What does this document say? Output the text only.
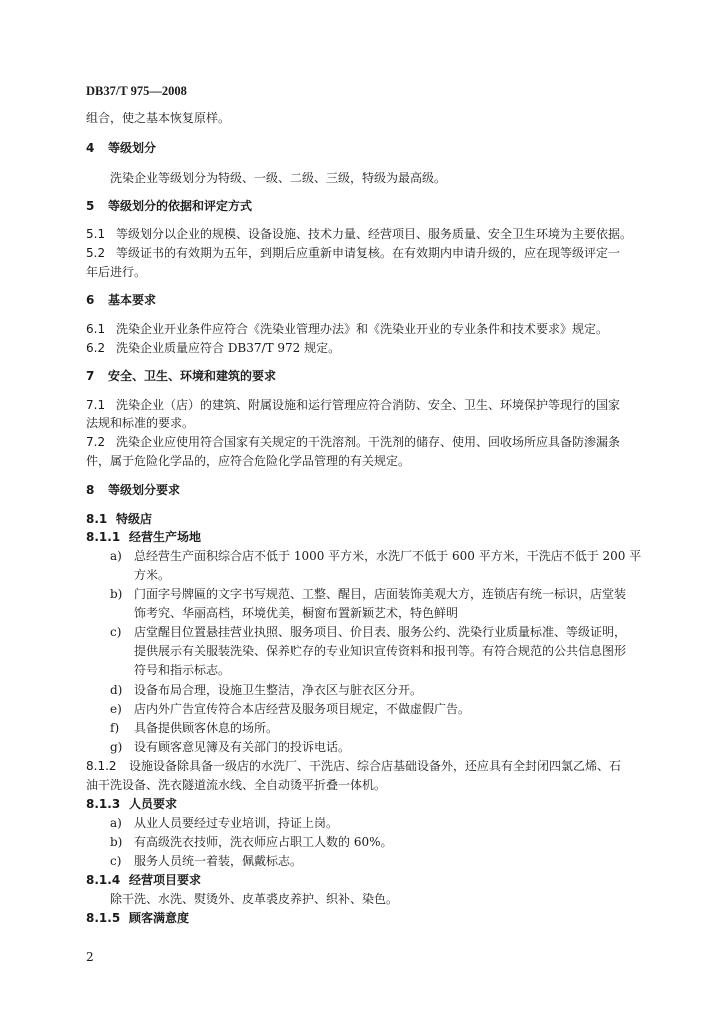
DB37/T 975—2008
组合，使之基本恢复原样。
4 等级划分
洗染企业等级划分为特级、一级、二级、三级，特级为最高级。
5 等级划分的依据和评定方式
5.1 等级划分以企业的规模、设备设施、技术力量、经营项目、服务质量、安全卫生环境为主要依据。
5.2 等级证书的有效期为五年，到期后应重新申请复核。在有效期内申请升级的，应在现等级评定一
年后进行。
6 基本要求
6.1 洗染企业开业条件应符合《洗染业管理办法》和《洗染业开业的专业条件和技术要求》规定。
6.2 洗染企业质量应符合 DB37/T 972 规定。
7 安全、卫生、环境和建筑的要求
7.1 洗染企业（店）的建筑、附属设施和运行管理应符合消防、安全、卫生、环境保护等现行的国家
法规和标准的要求。
7.2 洗染企业应使用符合国家有关规定的干洗溶剂。干洗剂的储存、使用、回收场所应具备防渗漏条
件，属于危险化学品的，应符合危险化学品管理的有关规定。
8 等级划分要求
8.1 特级店
8.1.1 经营生产场地
a) 总经营生产面积综合店不低于 1000 平方米，水洗厂不低于 600 平方米，干洗店不低于 200 平
方米。
b) 门面字号牌匾的文字书写规范、工整、醒目，店面装饰美观大方，连锁店有统一标识，店堂装
饰考究、华丽高档，环境优美，橱窗布置新颖艺术，特色鲜明
c) 店堂醒目位置悬挂营业执照、服务项目、价目表、服务公约、洗染行业质量标准、等级证明，
提供展示有关服装洗染、保养贮存的专业知识宣传资料和报刊等。有符合规范的公共信息图形
符号和指示标志。
d) 设备布局合理，设施卫生整洁，净衣区与脏衣区分开。
e) 店内外广告宣传符合本店经营及服务项目规定，不做虚假广告。
f) 具备提供顾客休息的场所。
g) 设有顾客意见簿及有关部门的投诉电话。
8.1.2 设施设备除具备一级店的水洗厂、干洗店、综合店基础设备外，还应具有全封闭四氯乙烯、石
油干洗设备、洗衣隧道流水线、全自动烫平折叠一体机。
8.1.3 人员要求
a) 从业人员要经过专业培训，持证上岗。
b) 有高级洗衣技师，洗衣师应占职工人数的 60%。
c) 服务人员统一着装，佩戴标志。
8.1.4 经营项目要求
除干洗、水洗、熨烫外、皮革裘皮养护、织补、染色。
8.1.5 顾客满意度
2
